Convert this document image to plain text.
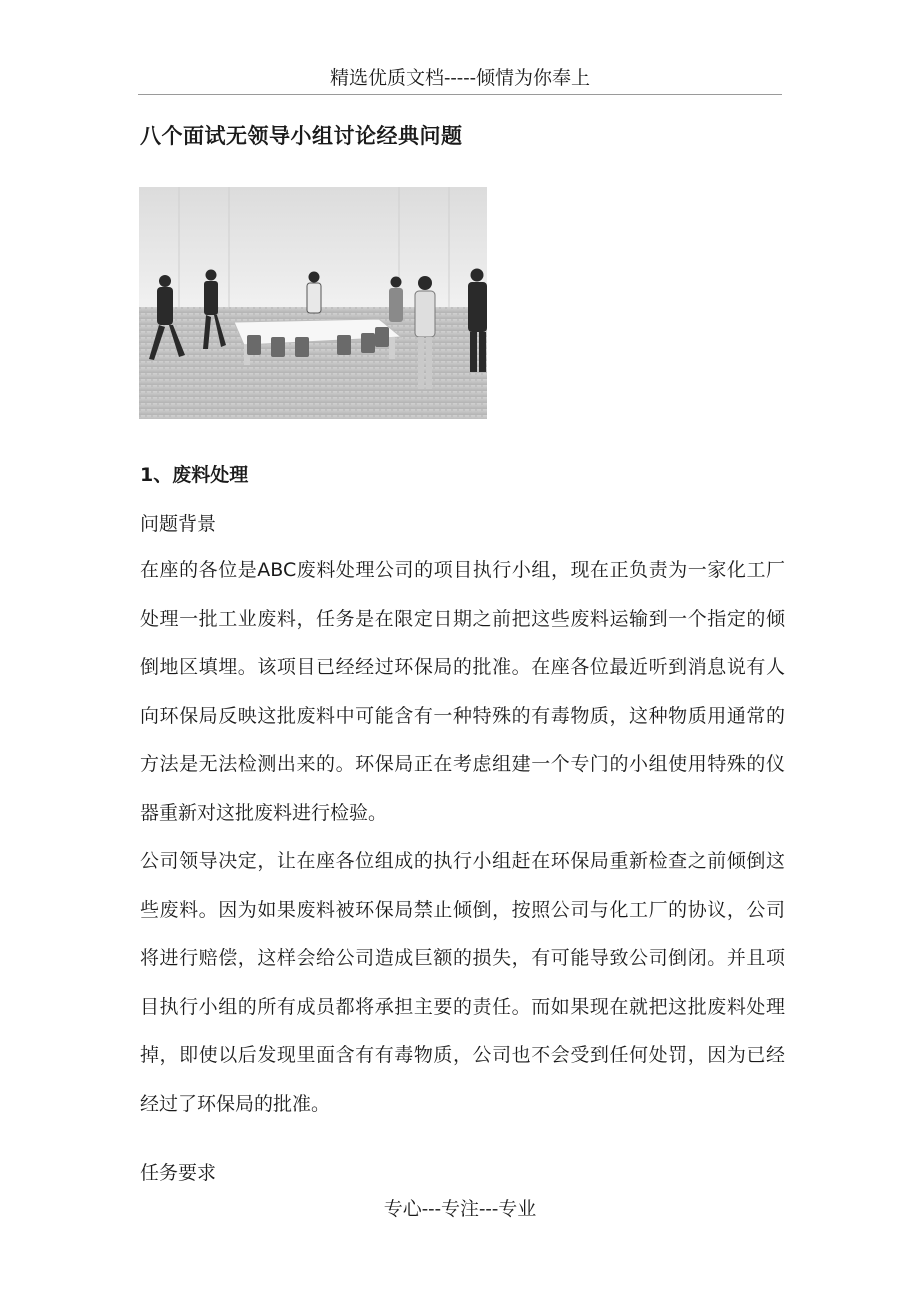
精选优质文档-----倾情为你奉上
八个面试无领导小组讨论经典问题
1、废料处理
问题背景

在座的各位是ABC废料处理公司的项目执行小组，现在正负责为一家化工厂处理一批工业废料，任务是在限定日期之前把这些废料运输到一个指定的倾倒地区填埋。该项目已经经过环保局的批准。在座各位最近听到消息说有人向环保局反映这批废料中可能含有一种特殊的有毒物质，这种物质用通常的方法是无法检测出来的。环保局正在考虑组建一个专门的小组使用特殊的仪器重新对这批废料进行检验。

公司领导决定，让在座各位组成的执行小组赶在环保局重新检查之前倾倒这些废料。因为如果废料被环保局禁止倾倒，按照公司与化工厂的协议，公司将进行赔偿，这样会给公司造成巨额的损失，有可能导致公司倒闭。并且项目执行小组的所有成员都将承担主要的责任。而如果现在就把这批废料处理掉，即使以后发现里面含有有毒物质，公司也不会受到任何处罚，因为已经经过了环保局的批准。

任务要求
专心---专注---专业
